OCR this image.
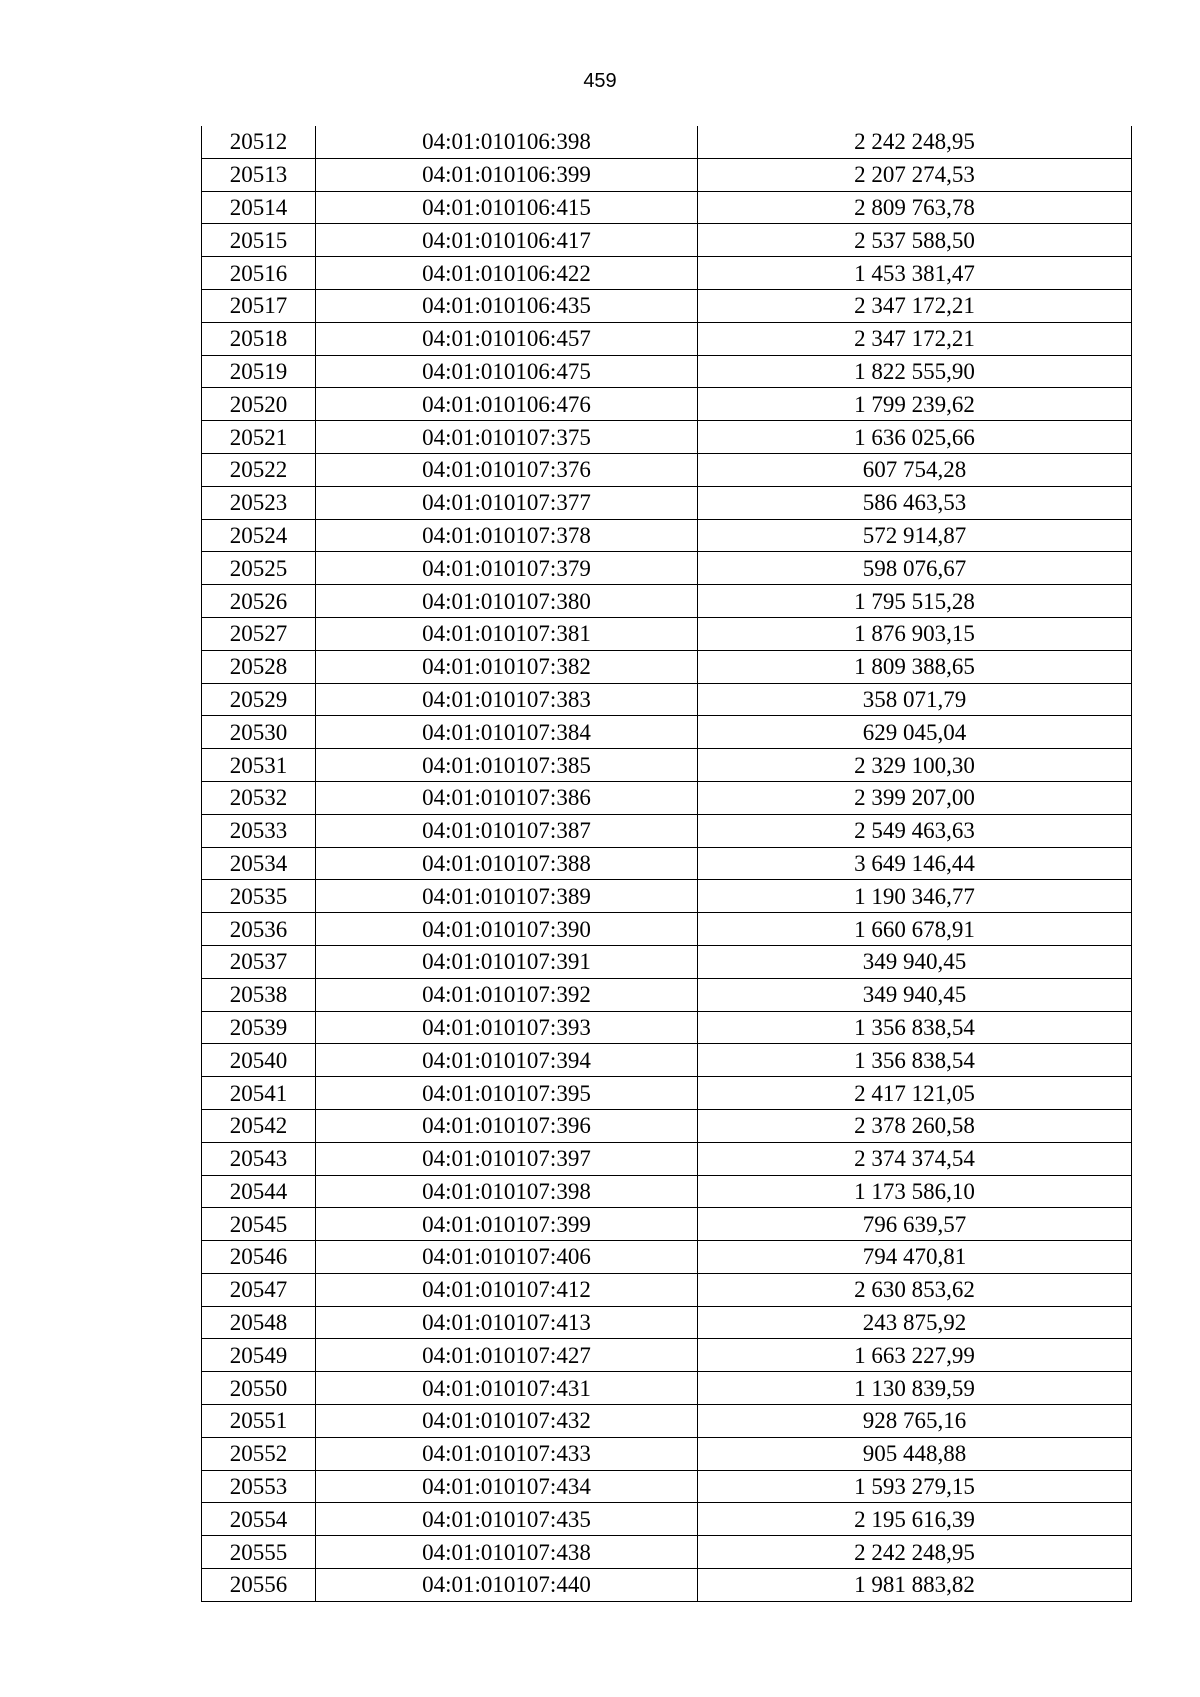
459
20512	04:01:010106:398	2 242 248,95
20513	04:01:010106:399	2 207 274,53
20514	04:01:010106:415	2 809 763,78
20515	04:01:010106:417	2 537 588,50
20516	04:01:010106:422	1 453 381,47
20517	04:01:010106:435	2 347 172,21
20518	04:01:010106:457	2 347 172,21
20519	04:01:010106:475	1 822 555,90
20520	04:01:010106:476	1 799 239,62
20521	04:01:010107:375	1 636 025,66
20522	04:01:010107:376	607 754,28
20523	04:01:010107:377	586 463,53
20524	04:01:010107:378	572 914,87
20525	04:01:010107:379	598 076,67
20526	04:01:010107:380	1 795 515,28
20527	04:01:010107:381	1 876 903,15
20528	04:01:010107:382	1 809 388,65
20529	04:01:010107:383	358 071,79
20530	04:01:010107:384	629 045,04
20531	04:01:010107:385	2 329 100,30
20532	04:01:010107:386	2 399 207,00
20533	04:01:010107:387	2 549 463,63
20534	04:01:010107:388	3 649 146,44
20535	04:01:010107:389	1 190 346,77
20536	04:01:010107:390	1 660 678,91
20537	04:01:010107:391	349 940,45
20538	04:01:010107:392	349 940,45
20539	04:01:010107:393	1 356 838,54
20540	04:01:010107:394	1 356 838,54
20541	04:01:010107:395	2 417 121,05
20542	04:01:010107:396	2 378 260,58
20543	04:01:010107:397	2 374 374,54
20544	04:01:010107:398	1 173 586,10
20545	04:01:010107:399	796 639,57
20546	04:01:010107:406	794 470,81
20547	04:01:010107:412	2 630 853,62
20548	04:01:010107:413	243 875,92
20549	04:01:010107:427	1 663 227,99
20550	04:01:010107:431	1 130 839,59
20551	04:01:010107:432	928 765,16
20552	04:01:010107:433	905 448,88
20553	04:01:010107:434	1 593 279,15
20554	04:01:010107:435	2 195 616,39
20555	04:01:010107:438	2 242 248,95
20556	04:01:010107:440	1 981 883,82
